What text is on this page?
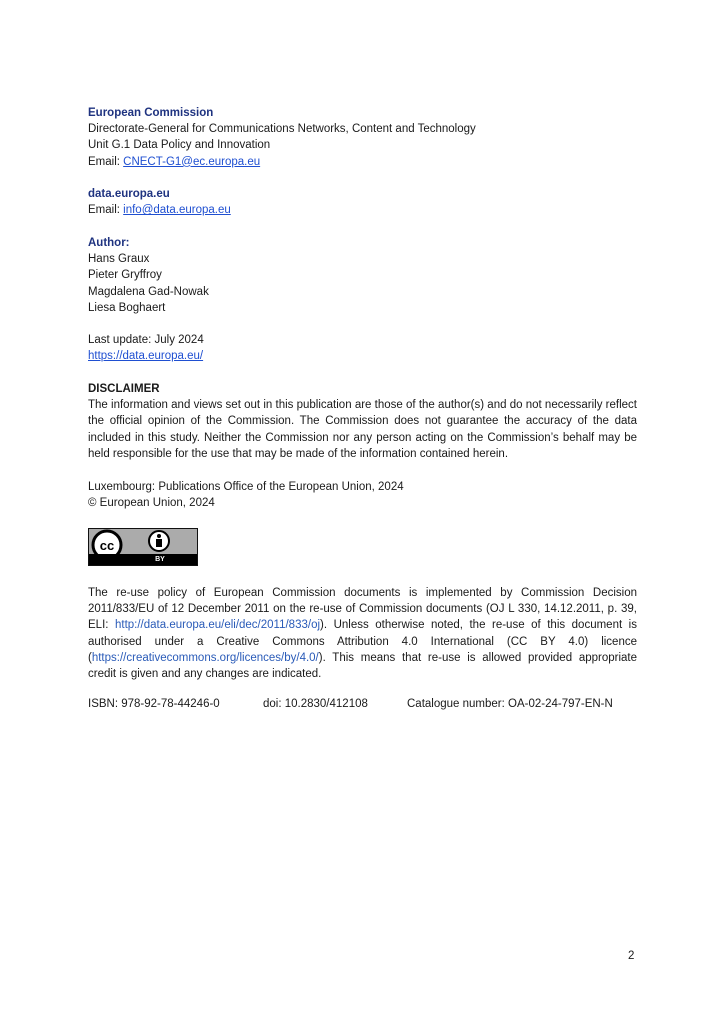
European Commission
Directorate-General for Communications Networks, Content and Technology
Unit G.1 Data Policy and Innovation
Email: CNECT-G1@ec.europa.eu
data.europa.eu
Email: info@data.europa.eu
Author:
Hans Graux
Pieter Gryffroy
Magdalena Gad-Nowak
Liesa Boghaert
Last update: July 2024
https://data.europa.eu/
DISCLAIMER
The information and views set out in this publication are those of the author(s) and do not necessarily reflect the official opinion of the Commission. The Commission does not guarantee the accuracy of the data included in this study. Neither the Commission nor any person acting on the Commission’s behalf may be held responsible for the use that may be made of the information contained herein.
Luxembourg: Publications Office of the European Union, 2024
© European Union, 2024
cc
BY
The re-use policy of European Commission documents is implemented by Commission Decision 2011/833/EU of 12 December 2011 on the re-use of Commission documents (OJ L 330, 14.12.2011, p. 39, ELI: http://data.europa.eu/eli/dec/2011/833/oj). Unless otherwise noted, the re-use of this document is authorised under a Creative Commons Attribution 4.0 International (CC BY 4.0) licence (https://creativecommons.org/licences/by/4.0/). This means that re-use is allowed provided appropriate credit is given and any changes are indicated.
ISBN: 978-92-78-44246-0	doi: 10.2830/412108	Catalogue number: OA-02-24-797-EN-N
2
